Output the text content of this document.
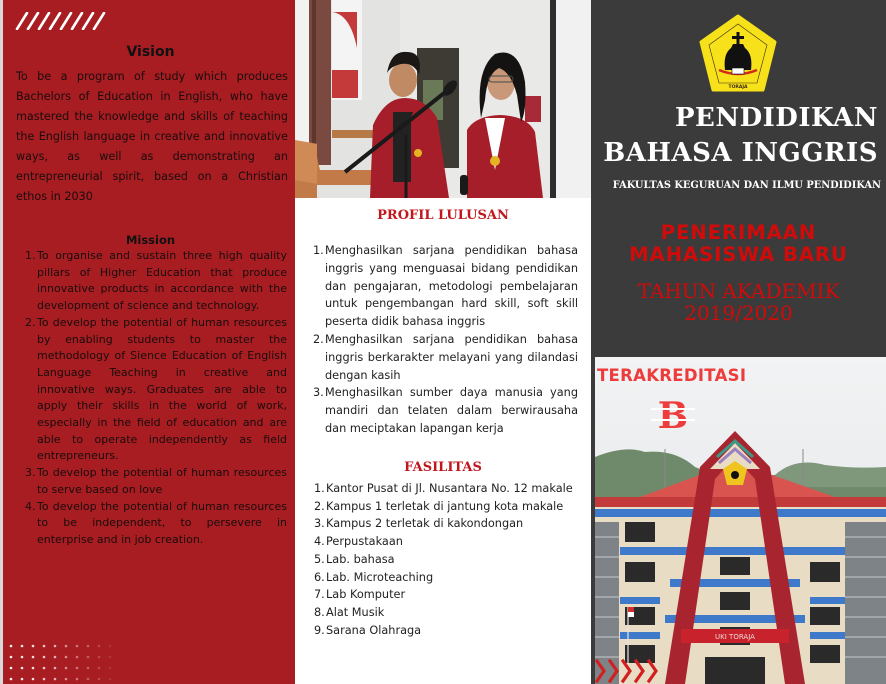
Vision

To be a program of study which produces Bachelors of Education in English, who have mastered the knowledge and skills of teaching the English language in creative and innovative ways, as well as demonstrating an entrepreneurial spirit, based on a Christian ethos in 2030

Mission
1. To organise and sustain three high quality pillars of Higher Education that produce innovative products in accordance with the development of science and technology.
2. To develop the potential of human resources by enabling students to master the methodology of Sience Education of English Language Teaching in creative and innovative ways. Graduates are able to apply their skills in the world of work, especially in the field of education and are able to operate independently as field entrepreneurs.
3. To develop the potential of human resources to serve based on love
4. To develop the potential of human resources to be independent, to persevere in enterprise and in job creation.
PROFIL LULUSAN
1. Menghasilkan sarjana pendidikan bahasa inggris yang menguasai bidang pendidikan dan pengajaran, metodologi pembelajaran untuk pengembangan hard skill, soft skill peserta didik bahasa inggris
2. Menghasilkan sarjana pendidikan bahasa inggris berkarakter melayani yang dilandasi dengan kasih
3. Menghasilkan sumber daya manusia yang mandiri dan telaten dalam berwirausaha dan meciptakan lapangan kerja
FASILITAS
1. Kantor Pusat di Jl. Nusantara No. 12 makale
2. Kampus 1 terletak di jantung kota makale
3. Kampus 2 terletak di kakondongan
4. Perpustakaan
5. Lab. bahasa
6. Lab. Microteaching
7. Lab Komputer
8. Alat Musik
9. Sarana Olahraga
TORAJA
PENDIDIKAN
BAHASA INGGRIS
FAKULTAS KEGURUAN DAN ILMU PENDIDIKAN
PENERIMAAN
MAHASISWA BARU
TAHUN AKADEMIK
2019/2020
UKI TORAJA
TERAKREDITASI
B
